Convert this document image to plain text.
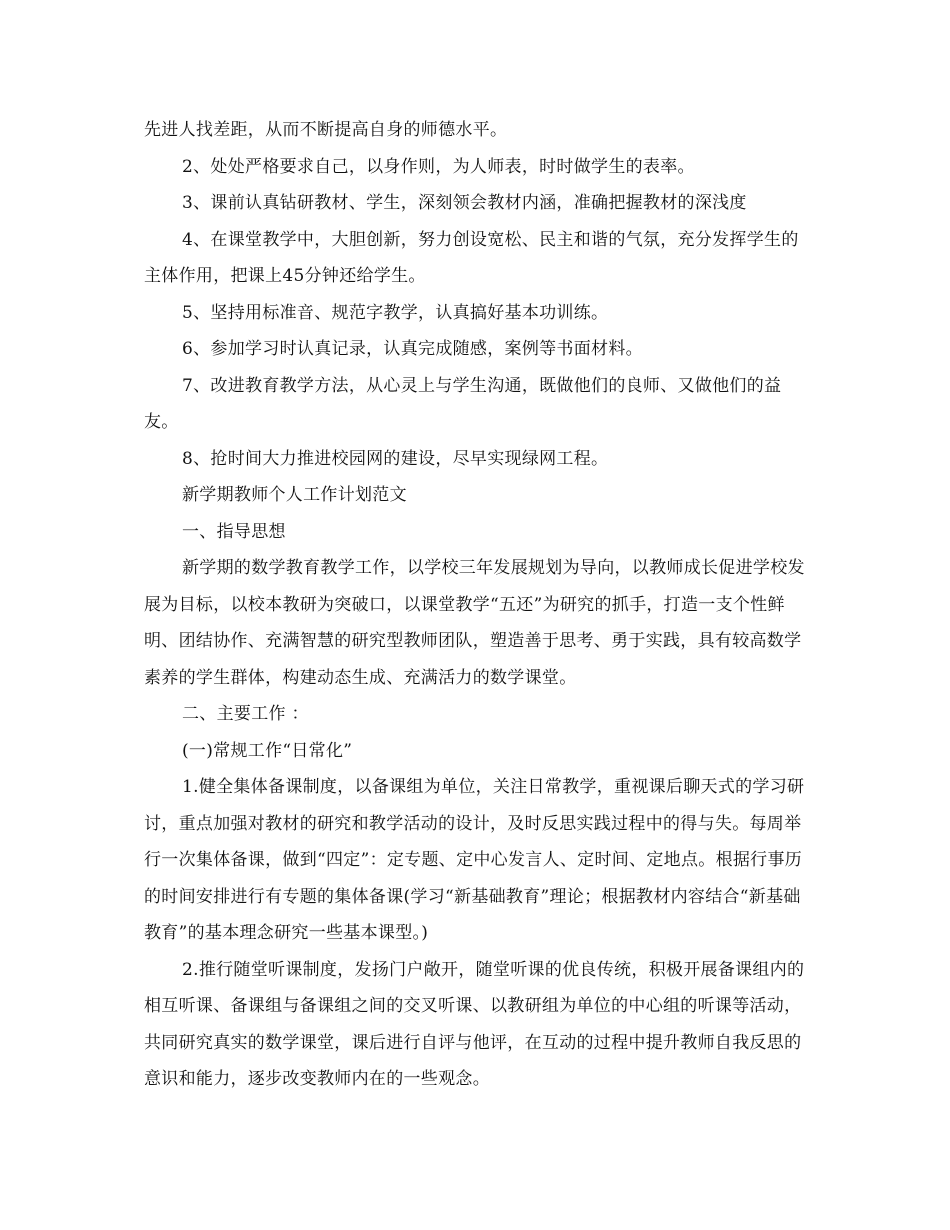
先进人找差距，从而不断提高自身的师德水平。

2、处处严格要求自己，以身作则，为人师表，时时做学生的表率。

3、课前认真钻研教材、学生，深刻领会教材内涵，准确把握教材的深浅度

4、在课堂教学中，大胆创新，努力创设宽松、民主和谐的气氛，充分发挥学生的主体作用，把课上45分钟还给学生。

5、坚持用标准音、规范字教学，认真搞好基本功训练。

6、参加学习时认真记录，认真完成随感，案例等书面材料。

7、改进教育教学方法，从心灵上与学生沟通，既做他们的良师、又做他们的益友。

8、抢时间大力推进校园网的建设，尽早实现绿网工程。

新学期教师个人工作计划范文

一、指导思想

新学期的数学教育教学工作，以学校三年发展规划为导向，以教师成长促进学校发展为目标，以校本教研为突破口，以课堂教学“五还”为研究的抓手，打造一支个性鲜明、团结协作、充满智慧的研究型教师团队，塑造善于思考、勇于实践，具有较高数学素养的学生群体，构建动态生成、充满活力的数学课堂。

二、主要工作 ：

(一)常规工作“日常化”

1.健全集体备课制度，以备课组为单位，关注日常教学，重视课后聊天式的学习研讨，重点加强对教材的研究和教学活动的设计，及时反思实践过程中的得与失。每周举行一次集体备课，做到“四定”：定专题、定中心发言人、定时间、定地点。根据行事历的时间安排进行有专题的集体备课(学习“新基础教育”理论；根据教材内容结合“新基础教育”的基本理念研究一些基本课型。)

2.推行随堂听课制度，发扬门户敞开，随堂听课的优良传统，积极开展备课组内的相互听课、备课组与备课组之间的交叉听课、以教研组为单位的中心组的听课等活动，共同研究真实的数学课堂，课后进行自评与他评，在互动的过程中提升教师自我反思的意识和能力，逐步改变教师内在的一些观念。
